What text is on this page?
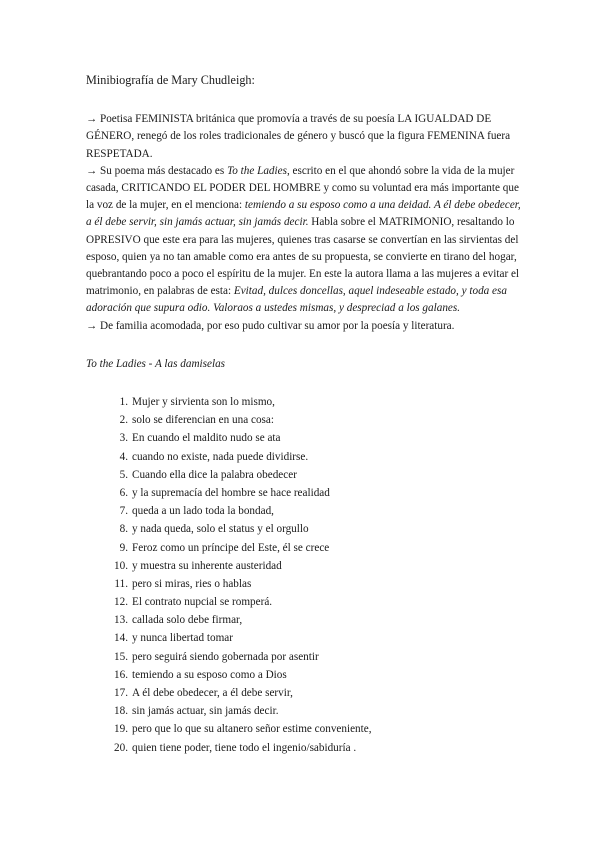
Minibiografía de Mary Chudleigh:

→ Poetisa FEMINISTA británica que promovía a través de su poesía LA IGUALDAD DE GÉNERO, renegó de los roles tradicionales de género y buscó que la figura FEMENINA fuera RESPETADA.

→ Su poema más destacado es To the Ladies, escrito en el que ahondó sobre la vida de la mujer casada, CRITICANDO EL PODER DEL HOMBRE y como su voluntad era más importante que la voz de la mujer, en el menciona: temiendo a su esposo como a una deidad. A él debe obedecer, a él debe servir, sin jamás actuar, sin jamás decir. Habla sobre el MATRIMONIO, resaltando lo OPRESIVO que este era para las mujeres, quienes tras casarse se convertían en las sirvientas del esposo, quien ya no tan amable como era antes de su propuesta, se convierte en tirano del hogar, quebrantando poco a poco el espíritu de la mujer. En este la autora llama a las mujeres a evitar el matrimonio, en palabras de esta: Evitad, dulces doncellas, aquel indeseable estado, y toda esa adoración que supura odio. Valoraos a ustedes mismas, y despreciad a los galanes.

→ De familia acomodada, por eso pudo cultivar su amor por la poesía y literatura.

To the Ladies - A las damiselas

1 . Mujer y sirvienta son lo mismo,
2 . solo se diferencian en una cosa:
3 . En cuando el maldito nudo se ata
4 . cuando no existe, nada puede dividirse.
5 . Cuando ella dice la palabra obedecer
6 . y la supremacía del hombre se hace realidad
7 . queda a un lado toda la bondad,
8 . y nada queda, solo el status y el orgullo
9 . Feroz como un príncipe del Este, él se crece
10 . y muestra su inherente austeridad
11 . pero si miras, ries o hablas
12 . El contrato nupcial se romperá.
13 . callada solo debe firmar,
14 . y nunca libertad tomar
15 . pero seguirá siendo gobernada por asentir
16 . temiendo a su esposo como a Dios
17 . A él debe obedecer, a él debe servir,
18 . sin jamás actuar, sin jamás decir.
19 . pero que lo que su altanero señor estime conveniente,
20 . quien tiene poder, tiene todo el ingenio/sabiduría .
